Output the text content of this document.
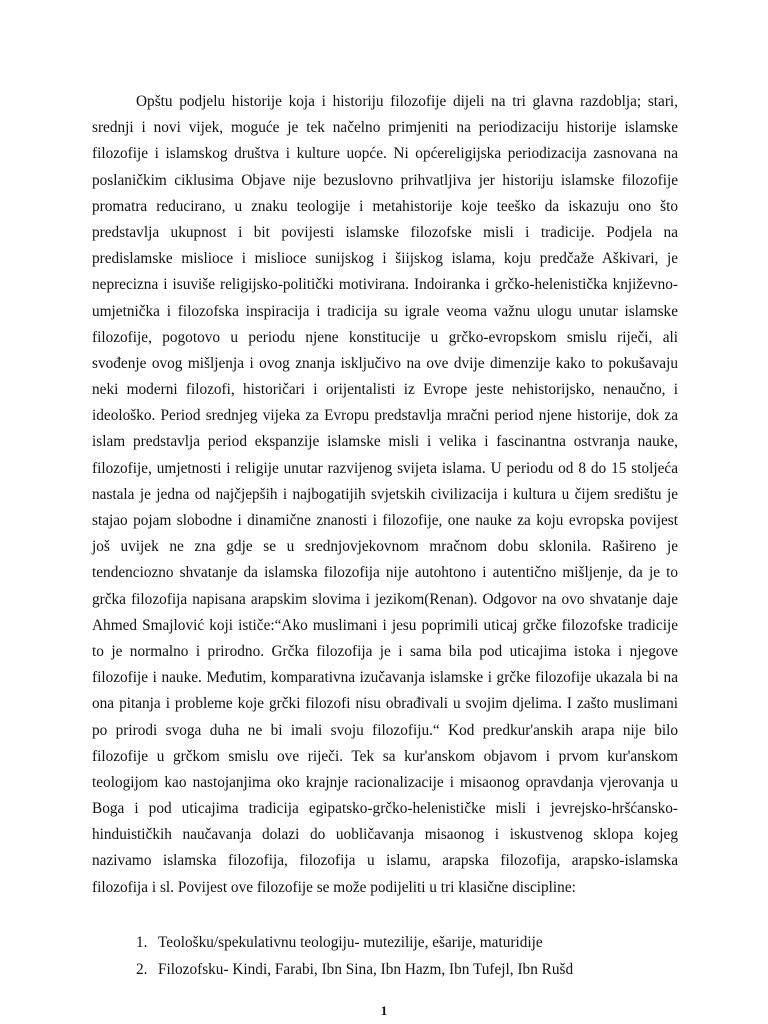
Opštu podjelu historije koja i historiju filozofije dijeli na tri glavna razdoblja; stari,
srednji i novi vijek, moguće je tek načelno primjeniti na periodizaciju historije islamske
filozofije i islamskog društva i kulture uopće. Ni općereligijska periodizacija zasnovana na
poslaničkim ciklusima Objave nije bezuslovno prihvatljiva jer historiju islamske filozofije
promatra reducirano, u znaku teologije i metahistorije koje teeško da iskazuju ono što
predstavlja ukupnost i bit povijesti islamske filozofske misli i tradicije. Podjela na
predislamske mislioce i mislioce sunijskog i šiijskog islama, koju predčaže Aškivari, je
neprecizna i isuviše religijsko-politički motivirana. Indoiranka i grčko-helenistička književno-
umjetnička i filozofska inspiracija i tradicija su igrale veoma važnu ulogu unutar islamske
filozofije, pogotovo u periodu njene konstitucije u grčko-evropskom smislu riječi, ali
svođenje ovog mišljenja i ovog znanja isključivo na ove dvije dimenzije kako to pokušavaju
neki moderni filozofi, historičari i orijentalisti iz Evrope jeste nehistorijsko, nenaučno, i
ideološko. Period srednjeg vijeka za Evropu predstavlja mračni period njene historije, dok za
islam predstavlja period ekspanzije islamske misli i velika i fascinantna ostvranja nauke,
filozofije, umjetnosti i religije unutar razvijenog svijeta islama. U periodu od 8 do 15 stoljeća
nastala je jedna od najčjepših i najbogatijih svjetskih civilizacija i kultura u čijem središtu je
stajao pojam slobodne i dinamične znanosti i filozofije, one nauke za koju evropska povijest
još uvijek ne zna gdje se u srednjovjekovnom mračnom dobu sklonila. Rašireno je
tendenciozno shvatanje da islamska filozofija nije autohtono i autentično mišljenje, da je to
grčka filozofija napisana arapskim slovima i jezikom(Renan). Odgovor na ovo shvatanje daje
Ahmed Smajlović koji ističe:“Ako muslimani i jesu poprimili uticaj grčke filozofske tradicije
to je normalno i prirodno. Grčka filozofija je i sama bila pod uticajima istoka i njegove
filozofije i nauke. Međutim, komparativna izučavanja islamske i grčke filozofije ukazala bi na
ona pitanja i probleme koje grčki filozofi nisu obrađivali u svojim djelima. I zašto muslimani
po prirodi svoga duha ne bi imali svoju filozofiju.“ Kod predkur'anskih arapa nije bilo
filozofije u grčkom smislu ove riječi. Tek sa kur'anskom objavom i prvom kur'anskom
teologijom kao nastojanjima oko krajnje racionalizacije i misaonog opravdanja vjerovanja u
Boga i pod uticajima tradicija egipatsko-grčko-helenističke misli i jevrejsko-hršćansko-
hinduističkih naučavanja dolazi do uobličavanja misaonog i iskustvenog sklopa kojeg
nazivamo islamska filozofija, filozofija u islamu, arapska filozofija, arapsko-islamska
filozofija i sl. Povijest ove filozofije se može podijeliti u tri klasične discipline:
1. Teološku/spekulativnu teologiju- mutezilije, ešarije, maturidije
2. Filozofsku- Kindi, Farabi, Ibn Sina, Ibn Hazm, Ibn Tufejl, Ibn Rušd
1
